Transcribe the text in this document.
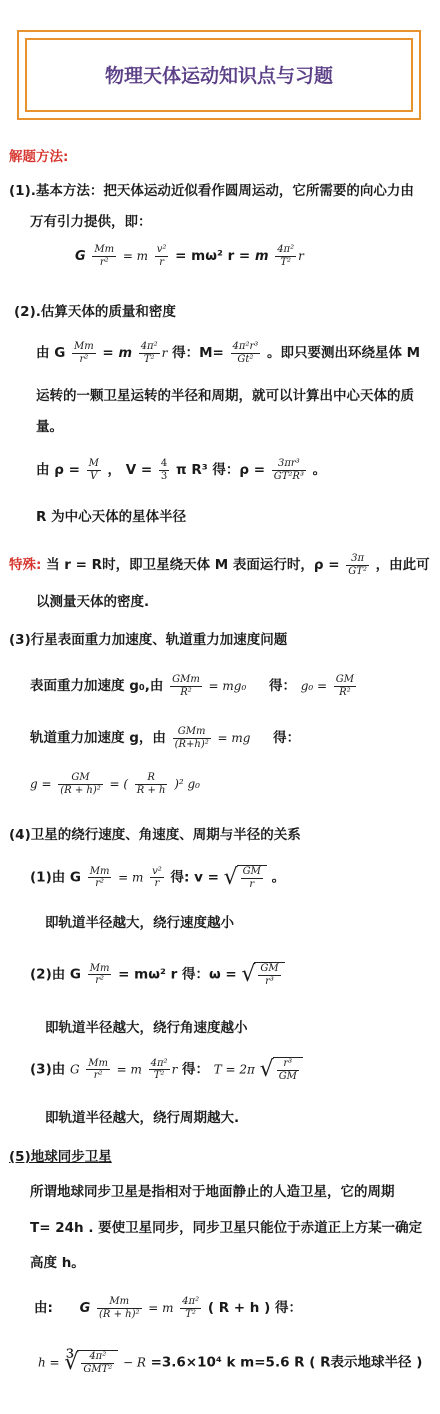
物理天体运动知识点与习题
解题方法:
(1).基本方法：把天体运动近似看作圆周运动，它所需要的向心力由
万有引力提供，即：
G $\frac{Mm}{\text{r²}} = m \frac{\text{v²}}{r} = m\omega^2$ r = m $\frac{\text{4π²}}{\text{T²}}$ r
(2).估算天体的质量和密度
由 G $\frac{Mm}{\text{r²}} = m \frac{\text{4π²}}{\text{T²}}$ r 得：$M= \frac{\text{4π²r³}}{\text{Gt²}}$ 。即只要测出环绕星体 M
运转的一颗卫星运转的半径和周期，就可以计算出中心天体的质
量。
由 $\rho = \frac{M}{V}$ ， $V = \frac{4}{3}$ π R³ 得：$\rho = \frac{\text{3πr³}}{\text{GT²R³}}$ 。
R 为中心天体的星体半径
特殊: 当 r = R时，即卫星绕天体 M 表面运行时，$\rho = \frac{3\pi}{\text{GT²}}$ ，由此可
以测量天体的密度.
(3)行星表面重力加速度、轨道重力加速度问题
表面重力加速度 g₀,由 $\frac{\text{GMm}}{\text{R²}} = mg_0$ 得： $g_0 = \frac{GM}{\text{R²}}$
轨道重力加速度 g，由 $\frac{\text{GMm}}{\text{(R+h)²}}$ = mg 得：
$g = \frac{GM}{\text{(R + h)²}}$ = ( $\frac{R}{R + h} )^2$ g₀
(4)卫星的绕行速度、角速度、周期与半径的关系
(1)由 G $\frac{Mm}{\text{r²}} = m \frac{\text{v²}}{r}$ 得: v = √ $\frac{GM}{r}$ 。
即轨道半径越大，绕行速度越小
(2)由 G $\frac{Mm}{\text{r²}} = m\omega^2$ r 得：ω = √ $\frac{GM}{\text{r³}}$
即轨道半径越大，绕行角速度越小
(3)由 G $\frac{Mm}{\text{r²}} = m \frac{\text{4π²}}{\text{T²}}$ r 得： T = 2π √ $\frac{\text{r³}}{GM}$
即轨道半径越大，绕行周期越大.
(5)地球同步卫星
所谓地球同步卫星是指相对于地面静止的人造卫星，它的周期
T= 24h . 要使卫星同步，同步卫星只能位于赤道正上方某一确定
高度 h。
由: G $\frac{Mm}{\text{(R + h)²}} = m \frac{\text{4π²}}{\text{T²}}$ ( R + h ) 得：
h = ∛ $\frac{\text{4π²}}{\text{GMT²}} - R =3.6\times 10^4$ k m=5.6 R ( R表示地球半径 )
